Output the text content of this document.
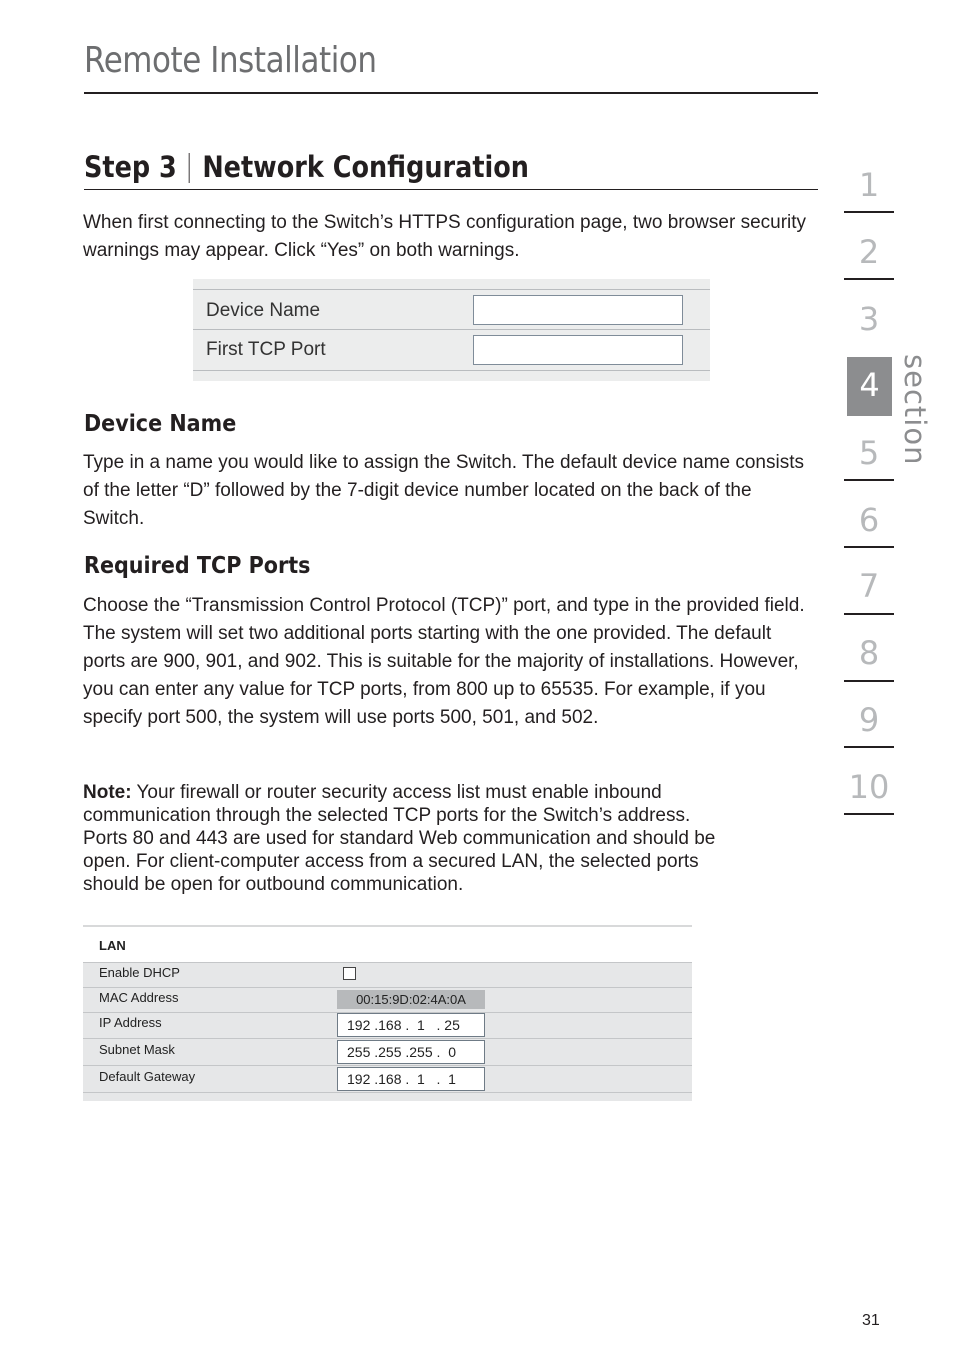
Remote Installation
Step 3 Network Configuration
When first connecting to the Switch’s HTTPS configuration page, two browser security warnings may appear. Click “Yes” on both warnings.
Device Name
First TCP Port
Device Name
Type in a name you would like to assign the Switch. The default device name consists of the letter “D” followed by the 7-digit device number located on the back of the Switch.
Required TCP Ports
Choose the “Transmission Control Protocol (TCP)” port, and type in the provided field. The system will set two additional ports starting with the one provided. The default ports are 900, 901, and 902. This is suitable for the majority of installations. However, you can enter any value for TCP ports, from 800 up to 65535. For example, if you specify port 500, the system will use ports 500, 501, and 502.
Note: Your firewall or router security access list must enable inbound
communication through the selected TCP ports for the Switch’s address.
Ports 80 and 443 are used for standard Web communication and should be
open. For client-computer access from a secured LAN, the selected ports
should be open for outbound communication.
LAN
Enable DHCP
MAC Address	00:15:9D:02:4A:0A
IP Address	192 .168 .  1   . 25
Subnet Mask	255 .255 .255 .  0
Default Gateway	192 .168 .  1   .  1
1
2
3
4
5
6
7
8
9
10
section
31
